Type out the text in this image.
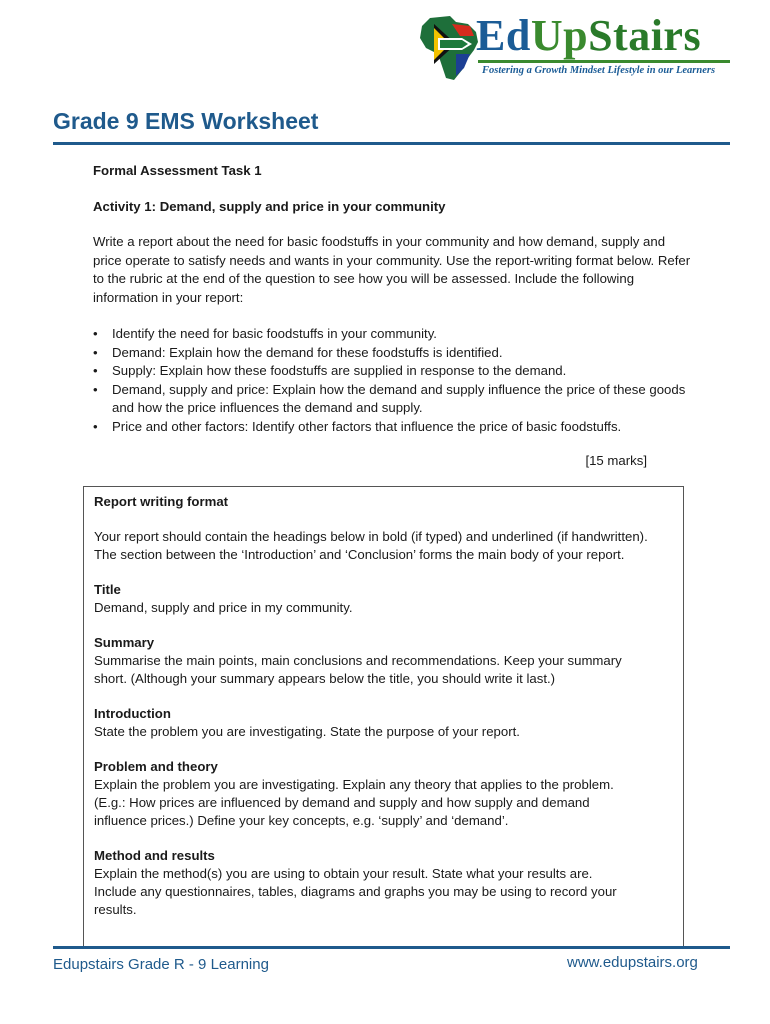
EdUpStairs
Fostering a Growth Mindset Lifestyle in our Learners
Grade 9 EMS Worksheet

Formal Assessment Task 1

Activity 1: Demand, supply and price in your community

Write a report about the need for basic foodstuffs in your community and how demand, supply and price operate to satisfy needs and wants in your community. Use the report-writing format below. Refer to the rubric at the end of the question to see how you will be assessed. Include the following information in your report:

• Identify the need for basic foodstuffs in your community.
• Demand: Explain how the demand for these foodstuffs is identified.
• Supply: Explain how these foodstuffs are supplied in response to the demand.
• Demand, supply and price: Explain how the demand and supply influence the price of these goods and how the price influences the demand and supply.
• Price and other factors: Identify other factors that influence the price of basic foodstuffs.

[15 marks]

Report writing format

Your report should contain the headings below in bold (if typed) and underlined (if handwritten). The section between the ‘Introduction’ and ‘Conclusion’ forms the main body of your report.

Title

Demand, supply and price in my community.

Summary

Summarise the main points, main conclusions and recommendations. Keep your summary

short. (Although your summary appears below the title, you should write it last.)

Introduction

State the problem you are investigating. State the purpose of your report.

Problem and theory

Explain the problem you are investigating. Explain any theory that applies to the problem.

(E.g.: How prices are influenced by demand and supply and how supply and demand

influence prices.) Define your key concepts, e.g. ‘supply’ and ‘demand’.

Method and results

Explain the method(s) you are using to obtain your result. State what your results are.

Include any questionnaires, tables, diagrams and graphs you may be using to record your

results.

Edupstairs Grade R - 9 Learning	www.edupstairs.org
